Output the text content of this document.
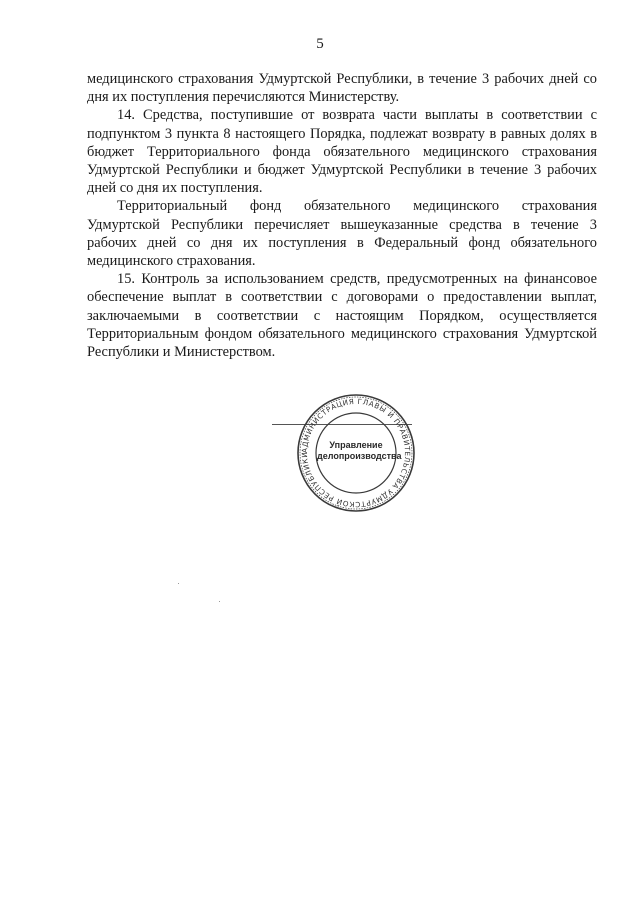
5

медицинского страхования Удмуртской Республики, в течение 3 рабочих дней со дня их поступления перечисляются Министерству.

14. Средства, поступившие от возврата части выплаты в соответствии с подпунктом 3 пункта 8 настоящего Порядка, подлежат возврату в равных долях в бюджет Территориального фонда обязательного медицинского страхования Удмуртской Республики и бюджет Удмуртской Республики в течение 3 рабочих дней со дня их поступления.

Территориальный фонд обязательного медицинского страхования Удмуртской Республики перечисляет вышеуказанные средства в течение 3 рабочих дней со дня их поступления в Федеральный фонд обязательного медицинского страхования.

15. Контроль за использованием средств, предусмотренных на финансовое обеспечение выплат в соответствии с договорами о предоставлении выплат, заключаемыми в соответствии с настоящим Порядком, осуществляется Территориальным фондом обязательного медицинского страхования Удмуртской Республики и Министерством.

АДМИНИСТРАЦИЯ ГЛАВЫ И ПРАВИТЕЛЬСТВА УДМУРТСКОЙ РЕСПУБЛИКИ
Управление
делопроизводства
